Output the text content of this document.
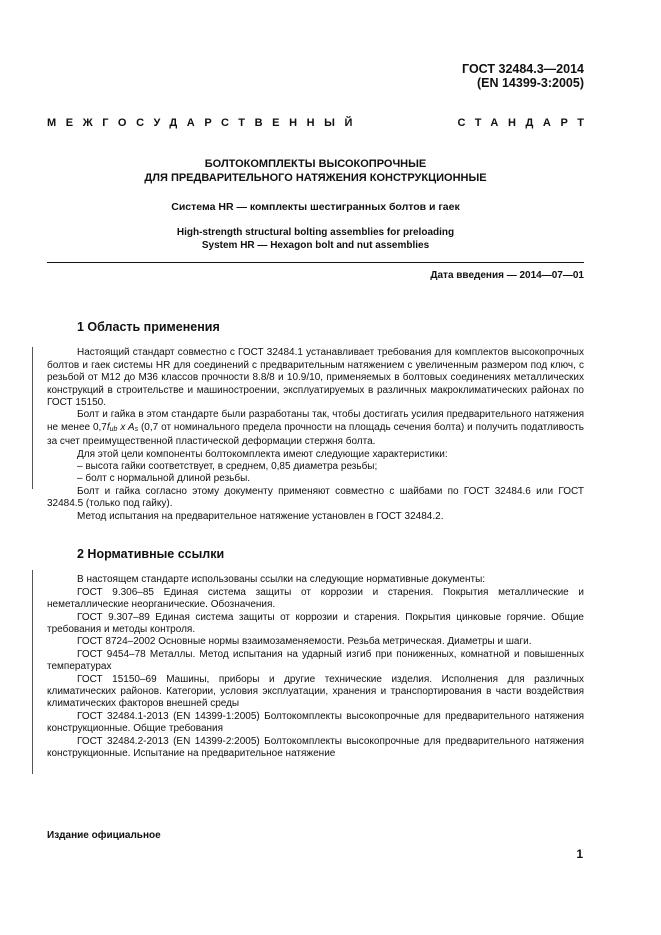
ГОСТ 32484.3—2014
(EN 14399-3:2005)
МЕЖГОСУДАРСТВЕННЫЙ	СТАНДАРТ
БОЛТОКОМПЛЕКТЫ ВЫСОКОПРОЧНЫЕ
ДЛЯ ПРЕДВАРИТЕЛЬНОГО НАТЯЖЕНИЯ КОНСТРУКЦИОННЫЕ
Система HR — комплекты шестигранных болтов и гаек
High-strength structural bolting assemblies for preloading
System HR — Hexagon bolt and nut assemblies
Дата введения — 2014—07—01
1 Область применения

Настоящий стандарт совместно с ГОСТ 32484.1 устанавливает требования для комплектов высокопрочных болтов и гаек системы HR для соединений с предварительным натяжением с увеличенным размером под ключ, с резьбой от М12 до М36 классов прочности 8.8/8 и 10.9/10, применяемых в болтовых соединениях металлических конструкций в строительстве и машиностроении, эксплуатируемых в различных макроклиматических районах по ГОСТ 15150.

Болт и гайка в этом стандарте были разработаны так, чтобы достигать усилия предварительного натяжения не менее 0,7fub x As (0,7 от номинального предела прочности на площадь сечения болта) и получить податливость за счет преимущественной пластической деформации стержня болта.

Для этой цели компоненты болтокомплекта имеют следующие характеристики:

– высота гайки соответствует, в среднем, 0,85 диаметра резьбы;

– болт с нормальной длиной резьбы.

Болт и гайка согласно этому документу применяют совместно с шайбами по ГОСТ 32484.6 или ГОСТ 32484.5 (только под гайку).

Метод испытания на предварительное натяжение установлен в ГОСТ 32484.2.

2 Нормативные ссылки

В настоящем стандарте использованы ссылки на следующие нормативные документы:

ГОСТ 9.306–85 Единая система защиты от коррозии и старения. Покрытия металлические и неметаллические неорганические. Обозначения.

ГОСТ 9.307–89 Единая система защиты от коррозии и старения. Покрытия цинковые горячие. Общие требования и методы контроля.

ГОСТ 8724–2002 Основные нормы взаимозаменяемости. Резьба метрическая. Диаметры и шаги.

ГОСТ 9454–78 Металлы. Метод испытания на ударный изгиб при пониженных, комнатной и повышенных температурах

ГОСТ 15150–69 Машины, приборы и другие технические изделия. Исполнения для различных климатических районов. Категории, условия эксплуатации, хранения и транспортирования в части воздействия климатических факторов внешней среды

ГОСТ 32484.1-2013 (EN 14399-1:2005) Болтокомплекты высокопрочные для предварительного натяжения конструкционные. Общие требования

ГОСТ 32484.2-2013 (EN 14399-2:2005) Болтокомплекты высокопрочные для предварительного натяжения конструкционные. Испытание на предварительное натяжение

Издание официальное
1
